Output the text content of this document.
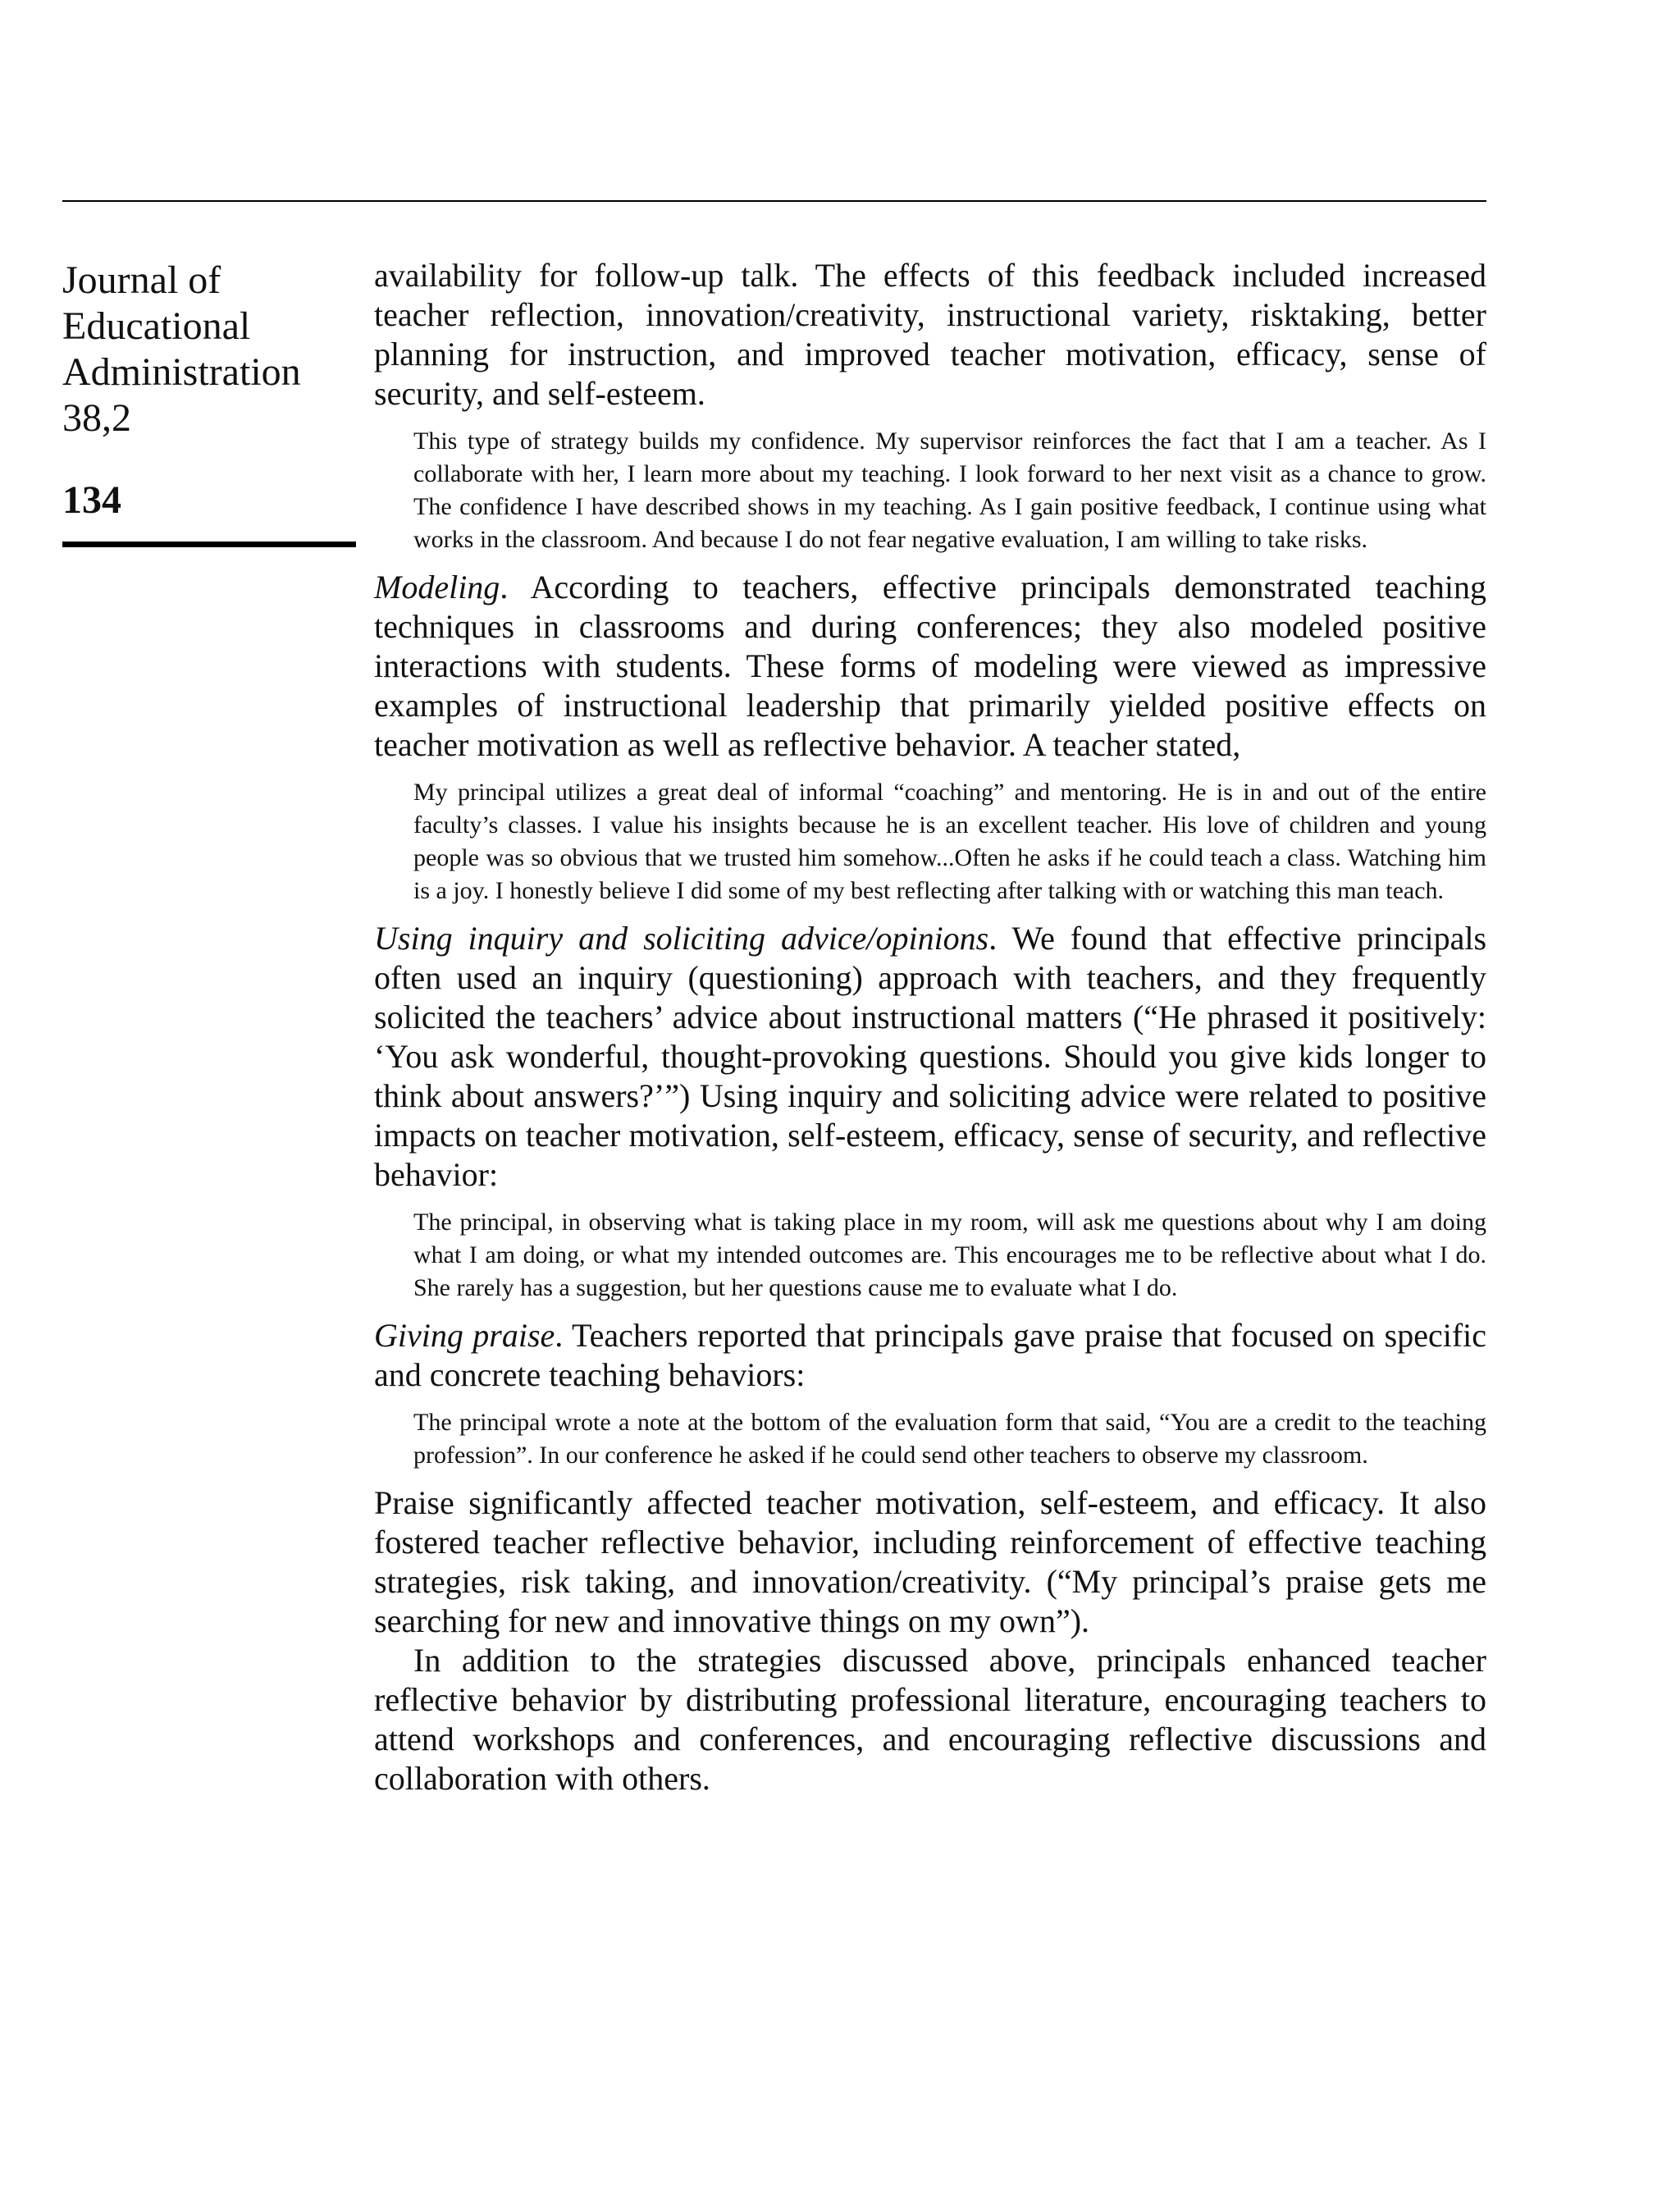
Journal of
Educational
Administration

38,2

134

availability for follow-up talk. The effects of this feedback included increased teacher reflection, innovation/creativity, instructional variety, risktaking, better planning for instruction, and improved teacher motivation, efficacy, sense of security, and self-esteem.

This type of strategy builds my confidence. My supervisor reinforces the fact that I am a teacher. As I collaborate with her, I learn more about my teaching. I look forward to her next visit as a chance to grow. The confidence I have described shows in my teaching. As I gain positive feedback, I continue using what works in the classroom. And because I do not fear negative evaluation, I am willing to take risks.

Modeling. According to teachers, effective principals demonstrated teaching techniques in classrooms and during conferences; they also modeled positive interactions with students. These forms of modeling were viewed as impressive examples of instructional leadership that primarily yielded positive effects on teacher motivation as well as reflective behavior. A teacher stated,

My principal utilizes a great deal of informal “coaching” and mentoring. He is in and out of the entire faculty’s classes. I value his insights because he is an excellent teacher. His love of children and young people was so obvious that we trusted him somehow...Often he asks if he could teach a class. Watching him is a joy. I honestly believe I did some of my best reflecting after talking with or watching this man teach.

Using inquiry and soliciting advice/opinions. We found that effective principals often used an inquiry (questioning) approach with teachers, and they frequently solicited the teachers’ advice about instructional matters (“He phrased it positively: ‘You ask wonderful, thought-provoking questions. Should you give kids longer to think about answers?’”) Using inquiry and soliciting advice were related to positive impacts on teacher motivation, self-esteem, efficacy, sense of security, and reflective behavior:

The principal, in observing what is taking place in my room, will ask me questions about why I am doing what I am doing, or what my intended outcomes are. This encourages me to be reflective about what I do. She rarely has a suggestion, but her questions cause me to evaluate what I do.

Giving praise. Teachers reported that principals gave praise that focused on specific and concrete teaching behaviors:

The principal wrote a note at the bottom of the evaluation form that said, “You are a credit to the teaching profession”. In our conference he asked if he could send other teachers to observe my classroom.

Praise significantly affected teacher motivation, self-esteem, and efficacy. It also fostered teacher reflective behavior, including reinforcement of effective teaching strategies, risk taking, and innovation/creativity. (“My principal’s praise gets me searching for new and innovative things on my own”).

In addition to the strategies discussed above, principals enhanced teacher reflective behavior by distributing professional literature, encouraging teachers to attend workshops and conferences, and encouraging reflective discussions and collaboration with others.
